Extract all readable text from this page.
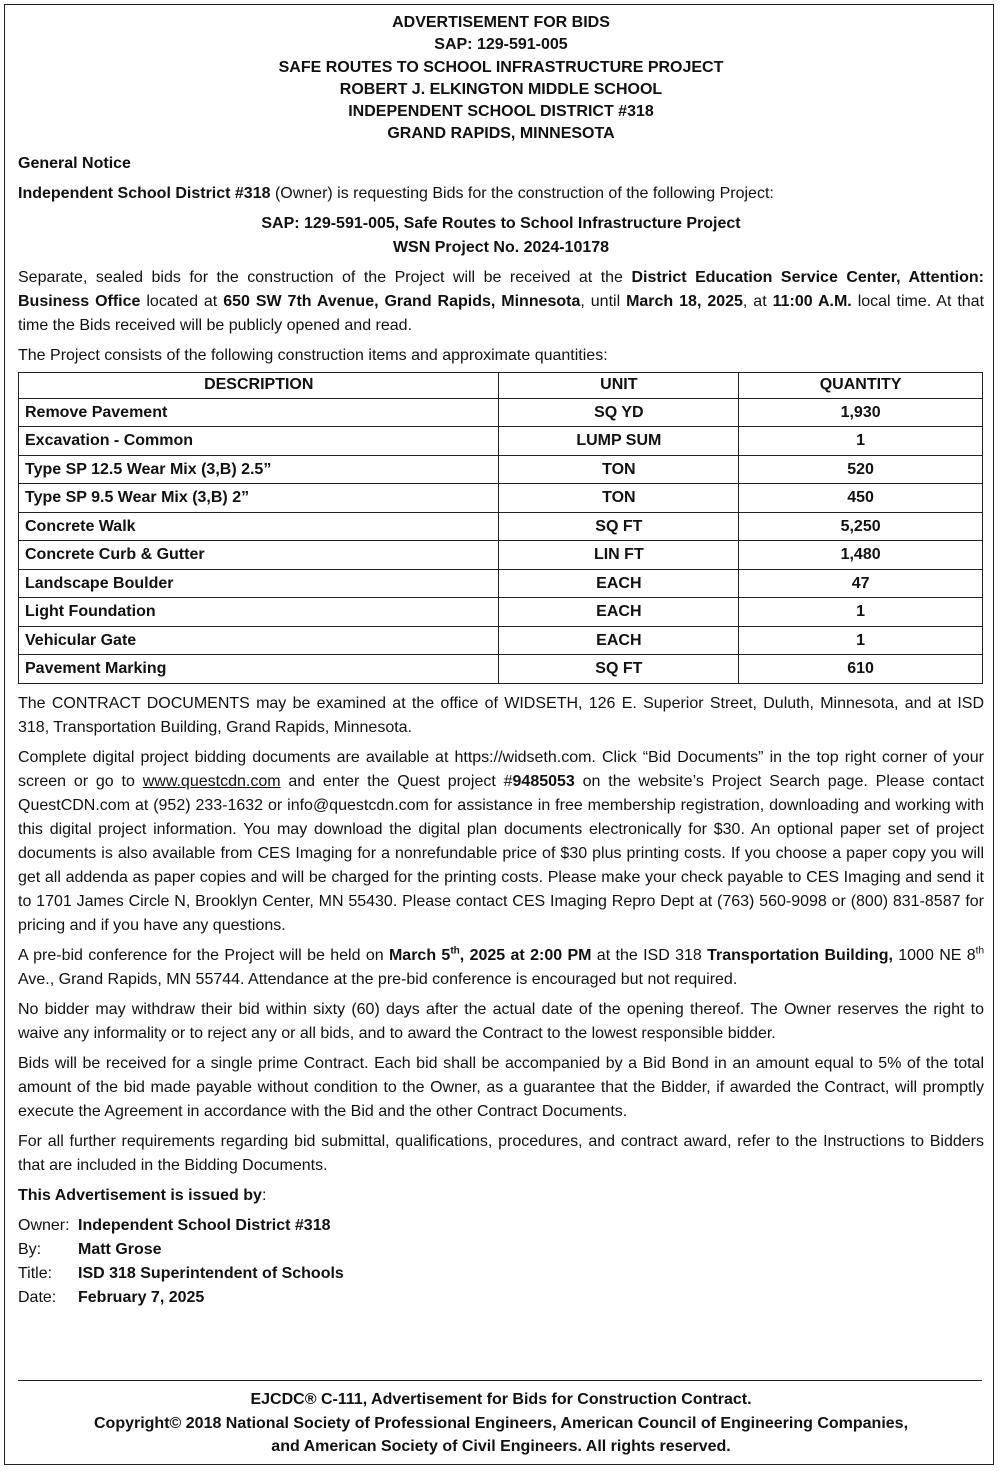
ADVERTISEMENT FOR BIDS
SAP: 129-591-005
SAFE ROUTES TO SCHOOL INFRASTRUCTURE PROJECT
ROBERT J. ELKINGTON MIDDLE SCHOOL
INDEPENDENT SCHOOL DISTRICT #318
GRAND RAPIDS, MINNESOTA

General Notice

Independent School District #318 (Owner) is requesting Bids for the construction of the following Project:

SAP: 129-591-005, Safe Routes to School Infrastructure Project
WSN Project No. 2024-10178

Separate, sealed bids for the construction of the Project will be received at the District Education Service Center, Attention: Business Office located at 650 SW 7th Avenue, Grand Rapids, Minnesota, until March 18, 2025, at 11:00 A.M. local time. At that time the Bids received will be publicly opened and read.

The Project consists of the following construction items and approximate quantities:

DESCRIPTION	UNIT	QUANTITY
Remove Pavement	SQ YD	1,930
Excavation - Common	LUMP SUM	1
Type SP 12.5 Wear Mix (3,B) 2.5”	TON	520
Type SP 9.5 Wear Mix (3,B) 2”	TON	450
Concrete Walk	SQ FT	5,250
Concrete Curb & Gutter	LIN FT	1,480
Landscape Boulder	EACH	47
Light Foundation	EACH	1
Vehicular Gate	EACH	1
Pavement Marking	SQ FT	610

The CONTRACT DOCUMENTS may be examined at the office of WIDSETH, 126 E. Superior Street, Duluth, Minnesota, and at ISD 318, Transportation Building, Grand Rapids, Minnesota.

Complete digital project bidding documents are available at https://widseth.com. Click “Bid Documents” in the top right corner of your screen or go to www.questcdn.com and enter the Quest project #9485053 on the website’s Project Search page. Please contact QuestCDN.com at (952) 233-1632 or info@questcdn.com for assistance in free membership registration, downloading and working with this digital project information. You may download the digital plan documents electronically for $30. An optional paper set of project documents is also available from CES Imaging for a nonrefundable price of $30 plus printing costs. If you choose a paper copy you will get all addenda as paper copies and will be charged for the printing costs. Please make your check payable to CES Imaging and send it to 1701 James Circle N, Brooklyn Center, MN 55430. Please contact CES Imaging Repro Dept at (763) 560-9098 or (800) 831-8587 for pricing and if you have any questions.

A pre-bid conference for the Project will be held on March 5th, 2025 at 2:00 PM at the ISD 318 Transportation Building, 1000 NE 8th Ave., Grand Rapids, MN 55744. Attendance at the pre-bid conference is encouraged but not required.

No bidder may withdraw their bid within sixty (60) days after the actual date of the opening thereof. The Owner reserves the right to waive any informality or to reject any or all bids, and to award the Contract to the lowest responsible bidder.

Bids will be received for a single prime Contract. Each bid shall be accompanied by a Bid Bond in an amount equal to 5% of the total amount of the bid made payable without condition to the Owner, as a guarantee that the Bidder, if awarded the Contract, will promptly execute the Agreement in accordance with the Bid and the other Contract Documents.

For all further requirements regarding bid submittal, qualifications, procedures, and contract award, refer to the Instructions to Bidders that are included in the Bidding Documents.

This Advertisement is issued by:

Owner: Independent School District #318
By:	Matt Grose
Title:	ISD 318 Superintendent of Schools
Date:	February 7, 2025
EJCDC® C-111, Advertisement for Bids for Construction Contract.
Copyright© 2018 National Society of Professional Engineers, American Council of Engineering Companies,
and American Society of Civil Engineers. All rights reserved.
